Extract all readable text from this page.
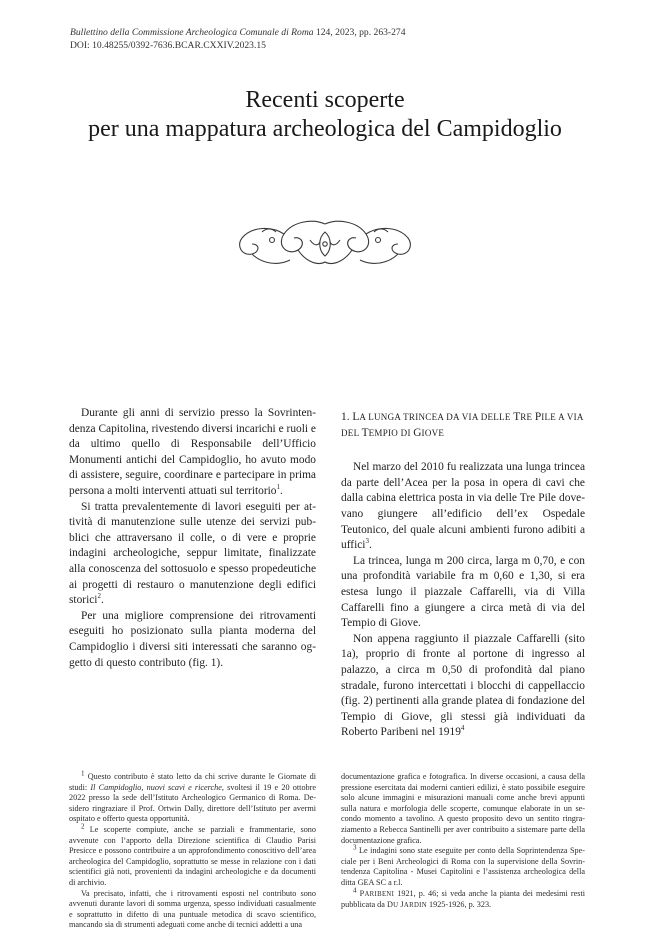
Bullettino della Commissione Archeologica Comunale di Roma 124, 2023, pp. 263-274
DOI: 10.48255/0392-7636.BCAR.CXXIV.2023.15
Recenti scoperte
per una mappatura archeologica del Campidoglio

Durante gli anni di servizio presso la Sovrintendenza Capitolina, rivestendo diversi incarichi e ruoli e da ultimo quello di Responsabile dell’Ufficio Monumenti antichi del Campidoglio, ho avuto modo di assistere, seguire, coordinare e partecipare in prima persona a molti interventi attuati sul territorio$^1$.

Si tratta prevalentemente di lavori eseguiti per attività di manutenzione sulle utenze dei servizi pubblici che attraversano il colle, o di vere e proprie indagini archeologiche, seppur limitate, finalizzate alla conoscenza del sottosuolo e spesso propedeutiche ai progetti di restauro o manutenzione degli edifici storici$^2$.

Per una migliore comprensione dei ritrovamenti eseguiti ho posizionato sulla pianta moderna del Campidoglio i diversi siti interessati che saranno oggetto di questo contributo (fig. 1).

1. LA LUNGA TRINCEA DA VIA DELLE TRE PILE A VIA DEL TEMPIO DI GIOVE

Nel marzo del 2010 fu realizzata una lunga trincea da parte dell’Acea per la posa in opera di cavi che dalla cabina elettrica posta in via delle Tre Pile dovevano giungere all’edificio dell’ex Ospedale Teutonico, del quale alcuni ambienti furono adibiti a uffici$^3$.

La trincea, lunga m 200 circa, larga m 0,70, e con una profondità variabile fra m 0,60 e 1,30, si era estesa lungo il piazzale Caffarelli, via di Villa Caffarelli fino a giungere a circa metà di via del Tempio di Giove.

Non appena raggiunto il piazzale Caffarelli (sito 1a), proprio di fronte al portone di ingresso al palazzo, a circa m 0,50 di profondità dal piano stradale, furono intercettati i blocchi di cappellaccio (fig. 2) pertinenti alla grande platea di fondazione del Tempio di Giove, gli stessi già individuati da Roberto Paribeni nel 1919$^4$

$^1$ Questo contributo è stato letto da chi scrive durante le Giornate di studi: Il Campidoglio, nuovi scavi e ricerche, svoltesi il 19 e 20 ottobre 2022 presso la sede dell’Istituto Archeologico Germanico di Roma. Desidero ringraziare il Prof. Ortwin Dally, direttore dell’Istituto per avermi ospitato e offerto questa opportunità.

$^2$ Le scoperte compiute, anche se parziali e frammentarie, sono avvenute con l’apporto della Direzione scientifica di Claudio Parisi Presicce e possono contribuire a un approfondimento conoscitivo dell’area archeologica del Campidoglio, soprattutto se messe in relazione con i dati scientifici già noti, provenienti da indagini archeologiche e da documenti di archivio.

Va precisato, infatti, che i ritrovamenti esposti nel contributo sono avvenuti durante lavori di somma urgenza, spesso individuati casualmente e soprattutto in difetto di una puntuale metodica di scavo scientifico, mancando sia di strumenti adeguati come anche di tecnici addetti a una

documentazione grafica e fotografica. In diverse occasioni, a causa della pressione esercitata dai moderni cantieri edilizi, è stato possibile eseguire solo alcune immagini e misurazioni manuali come anche brevi appunti sulla natura e morfologia delle scoperte, comunque elaborate in un secondo momento a tavolino. A questo proposito devo un sentito ringraziamento a Rebecca Santinelli per aver contribuito a sistemare parte della documentazione grafica.

$^3$ Le indagini sono state eseguite per conto della Soprintendenza Speciale per i Beni Archeologici di Roma con la supervisione della Sovrintendenza Capitolina - Musei Capitolini e l’assistenza archeologica della ditta GEA SC a r.l.

$^4$ PARIBENI 1921, p. 46; si veda anche la pianta dei medesimi resti pubblicata da DU JARDIN 1925-1926, p. 323.
